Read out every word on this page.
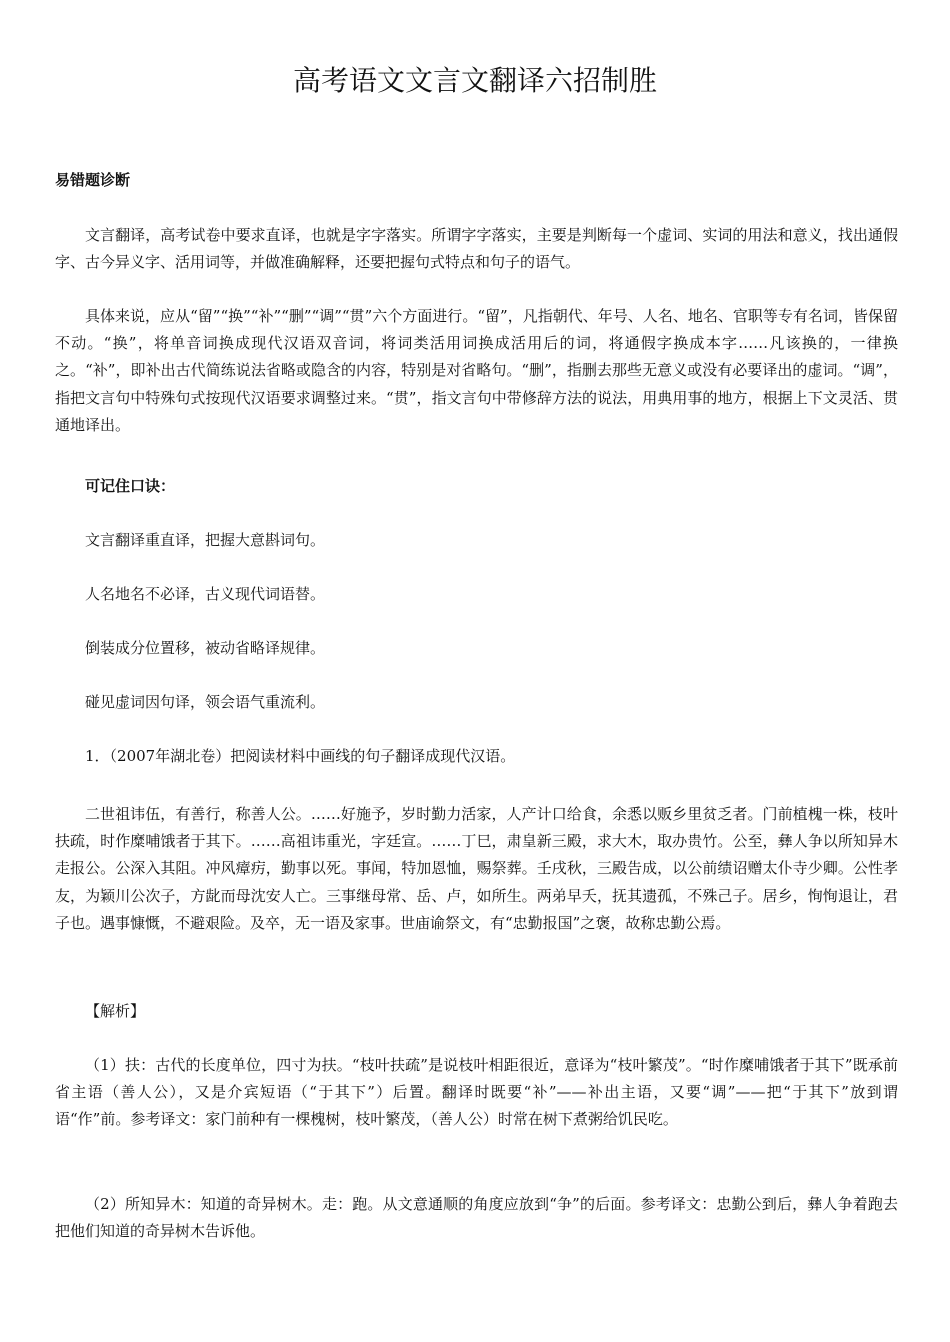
高考语文文言文翻译六招制胜
易错题诊断

文言翻译，高考试卷中要求直译，也就是字字落实。所谓字字落实，主要是判断每一个虚词、实词的用法和意义，找出通假字、古今异义字、活用词等，并做准确解释，还要把握句式特点和句子的语气。

具体来说，应从“留”“换”“补”“删”“调”“贯”六个方面进行。“留”，凡指朝代、年号、人名、地名、官职等专有名词，皆保留不动。“换”，将单音词换成现代汉语双音词，将词类活用词换成活用后的词，将通假字换成本字……凡该换的，一律换之。“补”，即补出古代简练说法省略或隐含的内容，特别是对省略句。“删”，指删去那些无意义或没有必要译出的虚词。“调”，指把文言句中特殊句式按现代汉语要求调整过来。“贯”，指文言句中带修辞方法的说法，用典用事的地方，根据上下文灵活、贯通地译出。

可记住口诀：

文言翻译重直译，把握大意斟词句。

人名地名不必译，古义现代词语替。

倒装成分位置移，被动省略译规律。

碰见虚词因句译，领会语气重流利。

1．（2007年湖北卷）把阅读材料中画线的句子翻译成现代汉语。

二世祖讳伍，有善行，称善人公。……好施予，岁时勤力活家，人产计口给食，余悉以贩乡里贫乏者。门前植槐一株，枝叶扶疏，时作糜哺饿者于其下。……高祖讳重光，字廷宣。……丁巳，肃皇新三殿，求大木，取办贵竹。公至，彝人争以所知异木走报公。公深入其阻。冲风瘴疠，勤事以死。事闻，特加恩恤，赐祭葬。壬戌秋，三殿告成，以公前绩诏赠太仆寺少卿。公性孝友，为颖川公次子，方龀而母沈安人亡。三事继母常、岳、卢，如所生。两弟早夭，抚其遗孤，不殊己子。居乡，恂恂退让，君子也。遇事慷慨，不避艰险。及卒，无一语及家事。世庙谕祭文，有“忠勤报国”之褒，故称忠勤公焉。

【解析】

（1）扶：古代的长度单位，四寸为扶。“枝叶扶疏”是说枝叶相距很近，意译为“枝叶繁茂”。“时作糜哺饿者于其下”既承前省主语（善人公），又是介宾短语（“于其下”）后置。翻译时既要“补”——补出主语，又要“调”——把“于其下”放到谓语“作”前。参考译文：家门前种有一棵槐树，枝叶繁茂，（善人公）时常在树下煮粥给饥民吃。

（2）所知异木：知道的奇异树木。走：跑。从文意通顺的角度应放到“争”的后面。参考译文：忠勤公到后，彝人争着跑去把他们知道的奇异树木告诉他。
